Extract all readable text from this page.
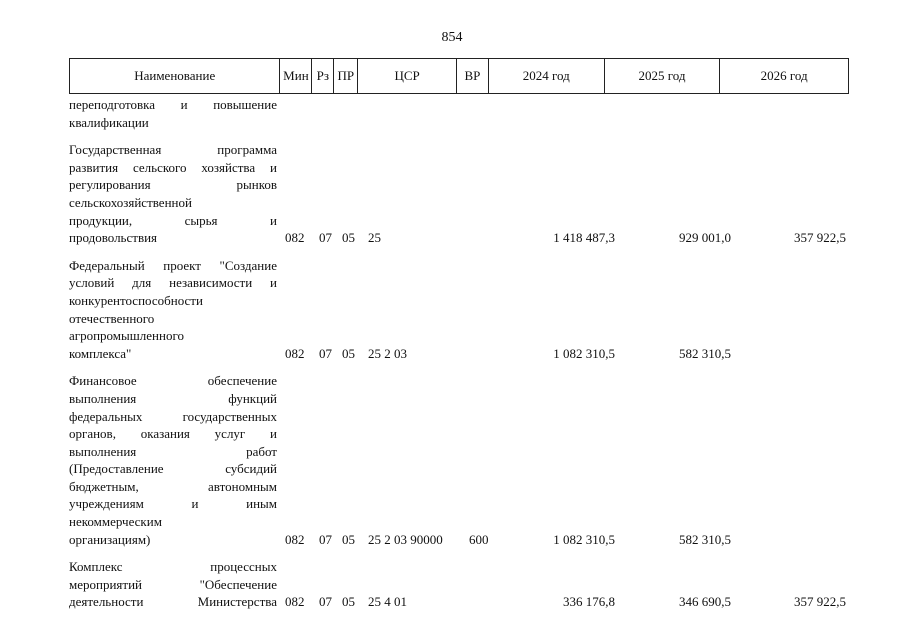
854
Наименование	Мин Рз ПР	ЦСР	ВР	2024 год	2025 год	2026 год
переподготовка и повышение
квалификации
Государственная программа
развития сельского хозяйства и
регулирования рынков
сельскохозяйственной
продукции, сырья и
продовольствия	082 07 05 25	1 418 487,3	929 001,0	357 922,5
Федеральный проект "Создание
условий для независимости и
конкурентоспособности
отечественного
агропромышленного
комплекса"	082 07 05 25 2 03	1 082 310,5	582 310,5
Финансовое обеспечение
выполнения функций
федеральных государственных
органов, оказания услуг и
выполнения работ
(Предоставление субсидий
бюджетным, автономным
учреждениям и иным
некоммерческим
организациям)	082 07 05 25 2 03 90000 600	1 082 310,5	582 310,5
Комплекс процессных
мероприятий "Обеспечение
деятельности Министерства 082 07 05 25 4 01	336 176,8	346 690,5	357 922,5
